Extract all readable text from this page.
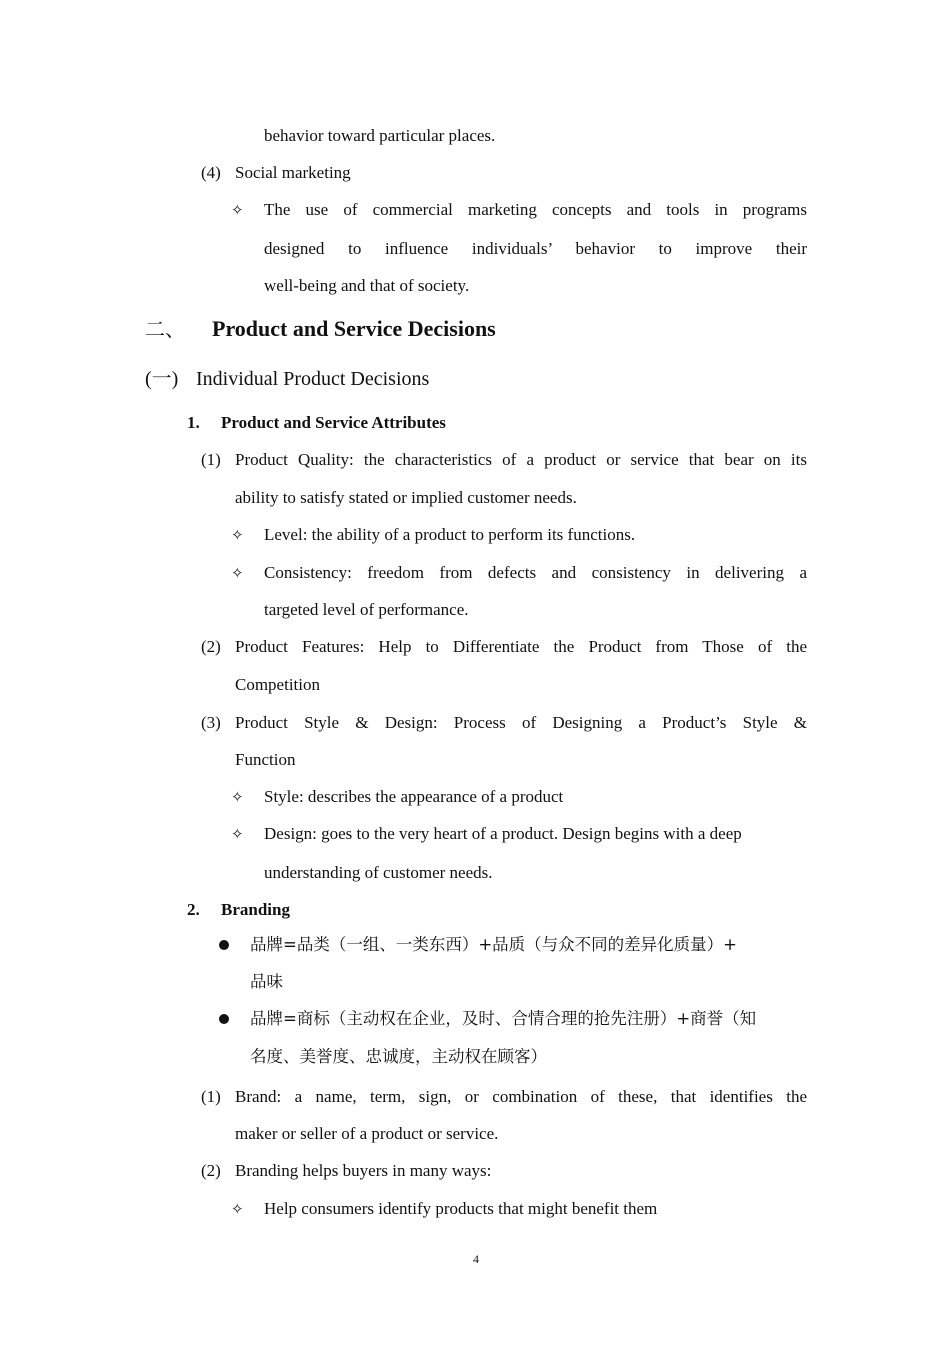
behavior toward particular places.
(4) Social marketing
✧ The use of commercial marketing concepts and tools in programs
designed to influence individuals’ behavior to improve their
well-being and that of society.
二、 Product and Service Decisions
(一) Individual Product Decisions
1. Product and Service Attributes
(1) Product Quality: the characteristics of a product or service that bear on its
ability to satisfy stated or implied customer needs.
✧ Level: the ability of a product to perform its functions.
✧ Consistency: freedom from defects and consistency in delivering a
targeted level of performance.
(2) Product Features: Help to Differentiate the Product from Those of the
Competition
(3) Product Style & Design: Process of Designing a Product’s Style &
Function
✧ Style: describes the appearance of a product
✧ Design: goes to the very heart of a product. Design begins with a deep
understanding of customer needs.
2. Branding
品牌=品类（一组、一类东西）+品质（与众不同的差异化质量）+
品味
品牌=商标（主动权在企业，及时、合情合理的抢先注册）+商誉（知
名度、美誉度、忠诚度，主动权在顾客）
(1) Brand: a name, term, sign, or combination of these, that identifies the
maker or seller of a product or service.
(2) Branding helps buyers in many ways:
✧ Help consumers identify products that might benefit them
4
